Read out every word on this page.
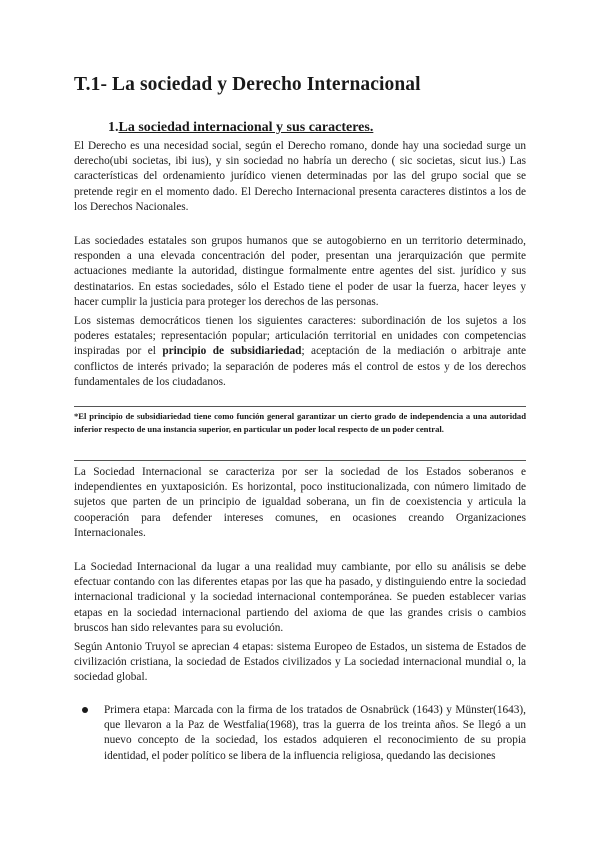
T.1- La sociedad y Derecho Internacional
1.La sociedad internacional y sus caracteres.

El Derecho es una necesidad social, según el Derecho romano, donde hay una sociedad surge un derecho(ubi societas, ibi ius), y sin sociedad no habría un derecho ( sic societas, sicut ius.) Las características del ordenamiento jurídico vienen determinadas por las del grupo social que se pretende regir en el momento dado. El Derecho Internacional presenta caracteres distintos a los de los Derechos Nacionales.

Las sociedades estatales son grupos humanos que se autogobierno en un territorio determinado, responden a una elevada concentración del poder, presentan una jerarquización que permite actuaciones mediante la autoridad, distingue formalmente entre agentes del sist. jurídico y sus destinatarios. En estas sociedades, sólo el Estado tiene el poder de usar la fuerza, hacer leyes y hacer cumplir la justicia para proteger los derechos de las personas.

Los sistemas democráticos tienen los siguientes caracteres: subordinación de los sujetos a los poderes estatales; representación popular; articulación territorial en unidades con competencias inspiradas por el principio de subsidiariedad; aceptación de la mediación o arbitraje ante conflictos de interés privado; la separación de poderes más el control de estos y de los derechos fundamentales de los ciudadanos.

*El principio de subsidiariedad tiene como función general garantizar un cierto grado de independencia a una autoridad inferior respecto de una instancia superior, en particular un poder local respecto de un poder central.

La Sociedad Internacional se caracteriza por ser la sociedad de los Estados soberanos e independientes en yuxtaposición. Es horizontal, poco institucionalizada, con número limitado de sujetos que parten de un principio de igualdad soberana, un fin de coexistencia y articula la cooperación para defender intereses comunes, en ocasiones creando Organizaciones Internacionales.

La Sociedad Internacional da lugar a una realidad muy cambiante, por ello su análisis se debe efectuar contando con las diferentes etapas por las que ha pasado, y distinguiendo entre la sociedad internacional tradicional y la sociedad internacional contemporánea. Se pueden establecer varias etapas en la sociedad internacional partiendo del axioma de que las grandes crisis o cambios bruscos han sido relevantes para su evolución.

Según Antonio Truyol se aprecian 4 etapas: sistema Europeo de Estados, un sistema de Estados de civilización cristiana, la sociedad de Estados civilizados y La sociedad internacional mundial o, la sociedad global.

Primera etapa: Marcada con la firma de los tratados de Osnabrück (1643) y Münster(1643), que llevaron a la Paz de Westfalia(1968), tras la guerra de los treinta años. Se llegó a un nuevo concepto de la sociedad, los estados adquieren el reconocimiento de su propia identidad, el poder político se libera de la influencia religiosa, quedando las decisiones
